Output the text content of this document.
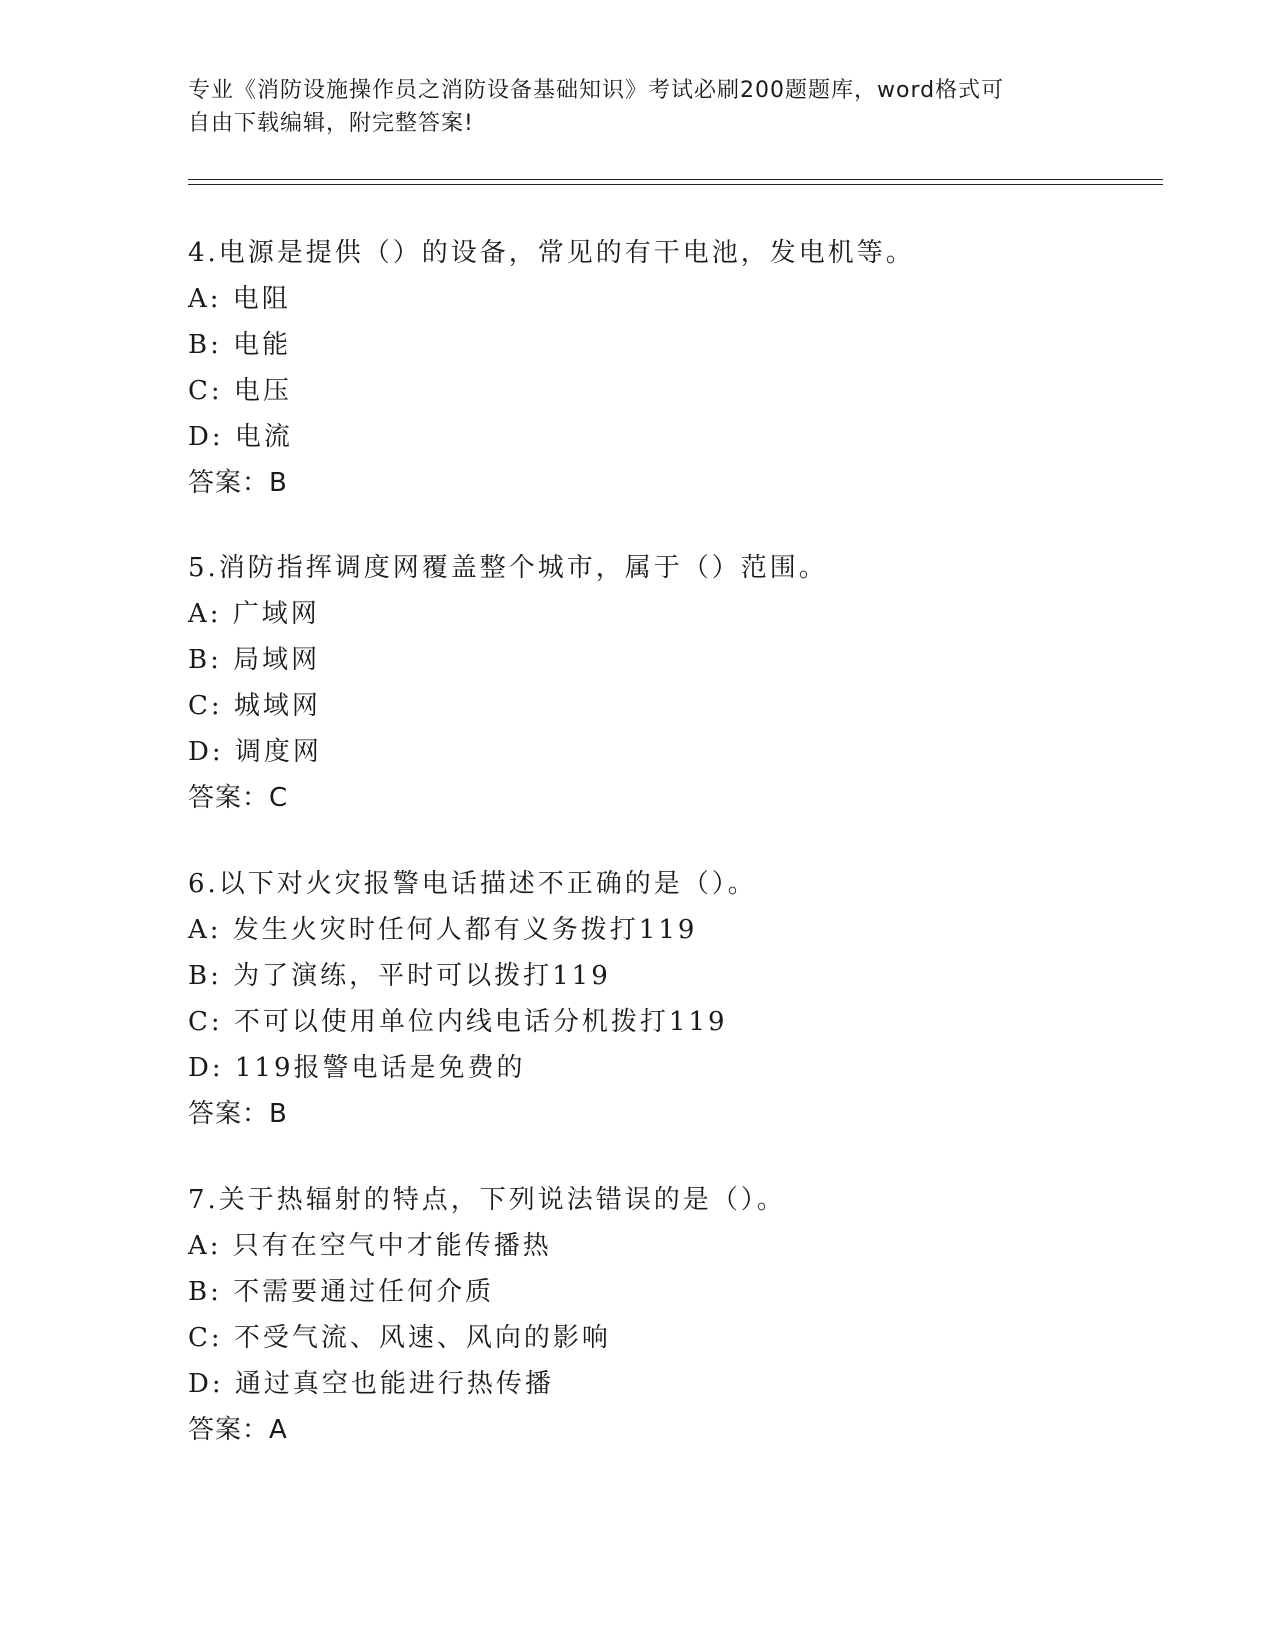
专业《消防设施操作员之消防设备基础知识》考试必刷200题题库，word格式可
自由下载编辑，附完整答案!
4.电源是提供（）的设备，常见的有干电池，发电机等。
A: 电阻
B: 电能
C: 电压
D: 电流
答案：B
5.消防指挥调度网覆盖整个城市，属于（）范围。
A: 广域网
B: 局域网
C: 城域网
D: 调度网
答案：C
6.以下对火灾报警电话描述不正确的是（）。
A: 发生火灾时任何人都有义务拨打119
B: 为了演练，平时可以拨打119
C: 不可以使用单位内线电话分机拨打119
D: 119报警电话是免费的
答案：B
7.关于热辐射的特点，下列说法错误的是（）。
A: 只有在空气中才能传播热
B: 不需要通过任何介质
C: 不受气流、风速、风向的影响
D: 通过真空也能进行热传播
答案：A
